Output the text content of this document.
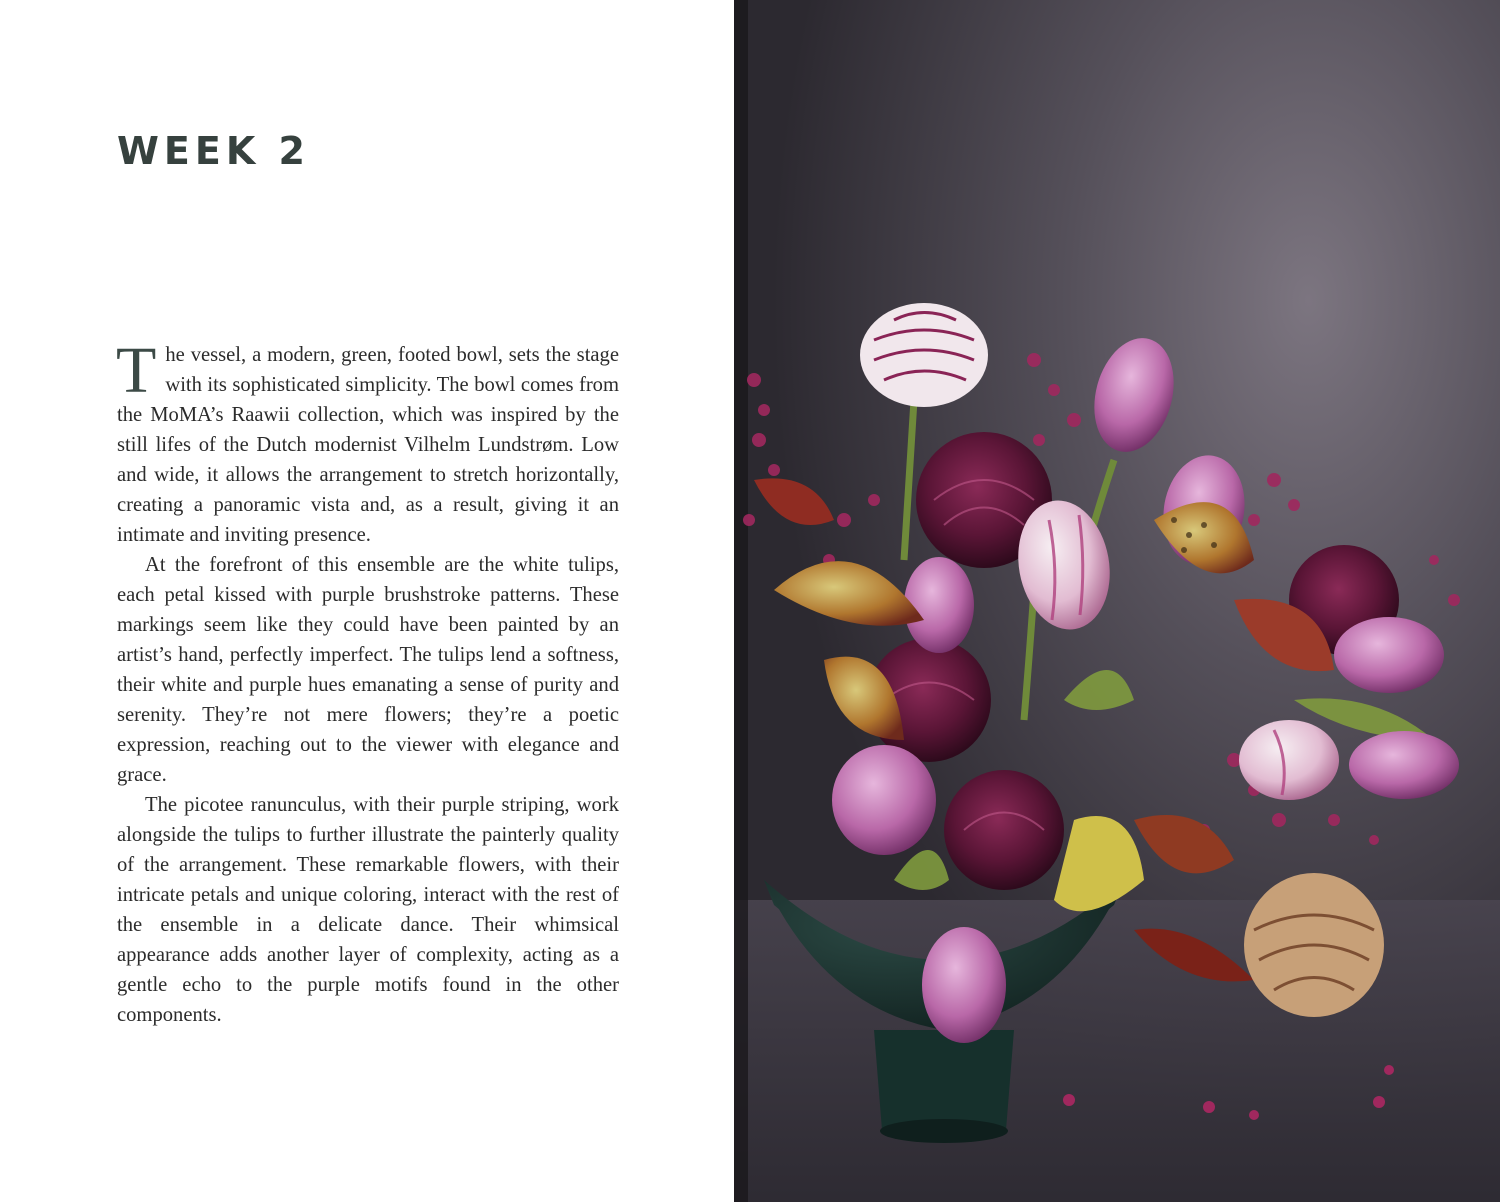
WEEK 2

The vessel, a modern, green, footed bowl, sets the stage with its sophisticated simplicity. The bowl comes from the MoMA’s Raawii collection, which was inspired by the still lifes of the Dutch modernist Vilhelm Lundstrøm. Low and wide, it allows the arrangement to stretch horizontally, creating a panoramic vista and, as a result, giving it an intimate and inviting presence.

At the forefront of this ensemble are the white tulips, each petal kissed with purple brushstroke patterns. These markings seem like they could have been painted by an artist’s hand, perfectly imperfect. The tulips lend a softness, their white and purple hues emanating a sense of purity and serenity. They’re not mere flowers; they’re a poetic expression, reaching out to the viewer with elegance and grace.

The picotee ranunculus, with their purple striping, work alongside the tulips to further illustrate the painterly quality of the arrangement. These remarkable flowers, with their intricate petals and unique coloring, interact with the rest of the ensemble in a delicate dance. Their whimsical appearance adds another layer of complexity, acting as a gentle echo to the purple motifs found in the other components.
